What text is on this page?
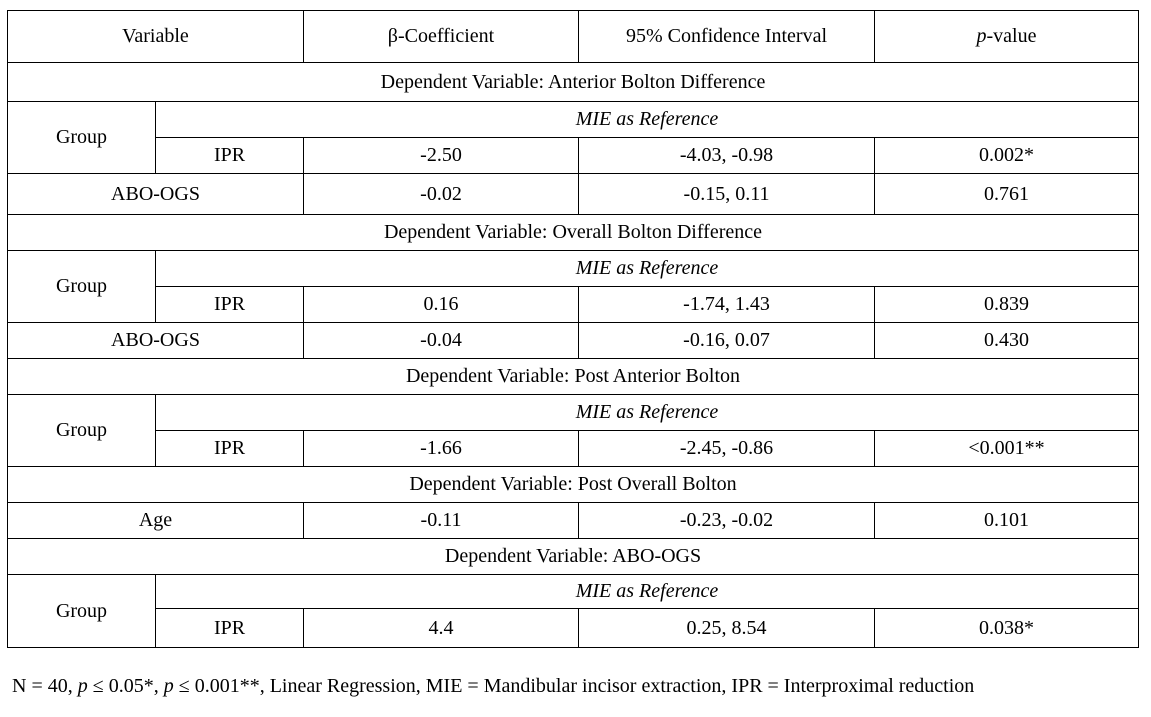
Variable		β-Coefficient	95% Confidence Interval	p-value
Dependent Variable: Anterior Bolton Difference				
Group	MIE as Reference			
	IPR	-2.50	-4.03, -0.98	0.002*
ABO-OGS		-0.02	-0.15, 0.11	0.761
Dependent Variable: Overall Bolton Difference				
Group	MIE as Reference			
	IPR	0.16	-1.74, 1.43	0.839
ABO-OGS		-0.04	-0.16, 0.07	0.430
Dependent Variable: Post Anterior Bolton				
Group	MIE as Reference			
	IPR	-1.66	-2.45, -0.86	<0.001**
Dependent Variable: Post Overall Bolton				
Age		-0.11	-0.23, -0.02	0.101
Dependent Variable: ABO-OGS				
Group	MIE as Reference			
	IPR	4.4	0.25, 8.54	0.038*
N = 40, p ≤ 0.05*, p ≤ 0.001**, Linear Regression, MIE = Mandibular incisor extraction, IPR = Interproximal reduction
